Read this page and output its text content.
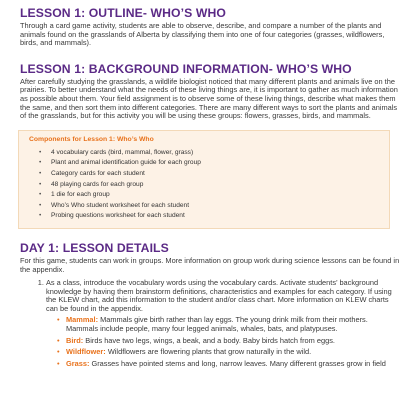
LESSON 1: OUTLINE- WHO’S WHO

Through a card game activity, students are able to observe, describe, and compare a number of the plants and animals found on the grasslands of Alberta by classifying them into one of four categories (grasses, wildflowers, birds, and mammals).

LESSON 1: BACKGROUND INFORMATION- WHO’S WHO

After carefully studying the grasslands, a wildlife biologist noticed that many different plants and animals live on the prairies. To better understand what the needs of these living things are, it is important to gather as much information as possible about them. Your field assignment is to observe some of these living things, describe what makes them the same, and then sort them into different categories. There are many different ways to sort the plants and animals of the grasslands, but for this activity you will be using these groups: flowers, grasses, birds, and mammals.

Components for Lesson 1: Who’s Who
• 4 vocabulary cards (bird, mammal, flower, grass)
• Plant and animal identification guide for each group
• Category cards for each student
• 48 playing cards for each group
• 1 die for each group
• Who’s Who student worksheet for each student
• Probing questions worksheet for each student
DAY 1: LESSON DETAILS

For this game, students can work in groups. More information on group work during science lessons can be found in the appendix.

1. As a class, introduce the vocabulary words using the vocabulary cards. Activate students’ background knowledge by having them brainstorm definitions, characteristics and examples for each category. If using the KLEW chart, add this information to the student and/or class chart. More information on KLEW charts can be found in the appendix.
• Mammal: Mammals give birth rather than lay eggs. The young drink milk from their mothers. Mammals include people, many four legged animals, whales, bats, and platypuses.
• Bird: Birds have two legs, wings, a beak, and a body. Baby birds hatch from eggs.
• Wildflower: Wildflowers are flowering plants that grow naturally in the wild.
• Grass: Grasses have pointed stems and long, narrow leaves. Many different grasses grow in field
